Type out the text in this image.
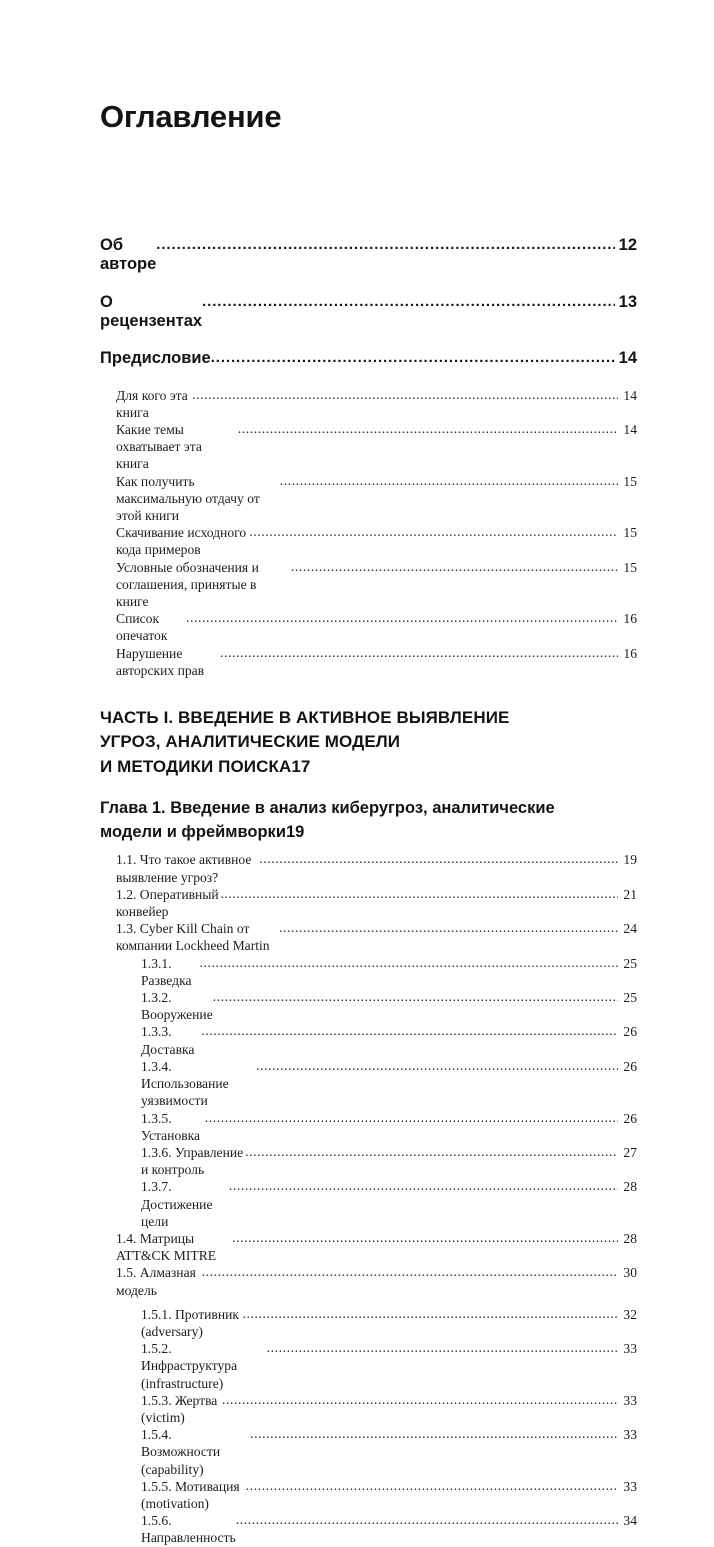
Оглавление
Об авторе
.....
12
О рецензентах
.....
13
Предисловие .....	14
Для кого эта книга
.....
14
Какие темы охватывает эта книга
.....
14
Как получить максимальную отдачу от этой книги
.....
15
Скачивание исходного кода примеров
.....
15
Условные обозначения и соглашения, принятые в книге
.....
15
Список опечаток
.....
16
Нарушение авторских прав
.....
16
ЧАСТЬ I. ВВЕДЕНИЕ В АКТИВНОЕ ВЫЯВЛЕНИЕ
УГРОЗ, АНАЛИТИЧЕСКИЕ МОДЕЛИ
И МЕТОДИКИ ПОИСКА 17
Глава 1. Введение в анализ киберугроз, аналитические
модели и фреймворки 19
1.1. Что такое активное выявление угроз?
.....
19
1.2. Оперативный конвейер
.....
21
1.3. Cyber Kill Chain от компании Lockheed Martin
.....
24
1.3.1. Разведка
.....
25
1.3.2. Вооружение
.....
25
1.3.3. Доставка
.....
26
1.3.4. Использование уязвимости
.....
26
1.3.5. Установка
.....
26
1.3.6. Управление и контроль
.....
27
1.3.7. Достижение цели
.....
28
1.4. Матрицы ATT&CK MITRE
.....
28
1.5. Алмазная модель
.....
30
1.5.1. Противник (adversary)
.....
32
1.5.2. Инфраструктура (infrastructure)
.....
33
1.5.3. Жертва (victim)
.....
33
1.5.4. Возможности (capability)
.....
33
1.5.5. Мотивация (motivation)
.....
33
1.5.6. Направленность
.....
34
